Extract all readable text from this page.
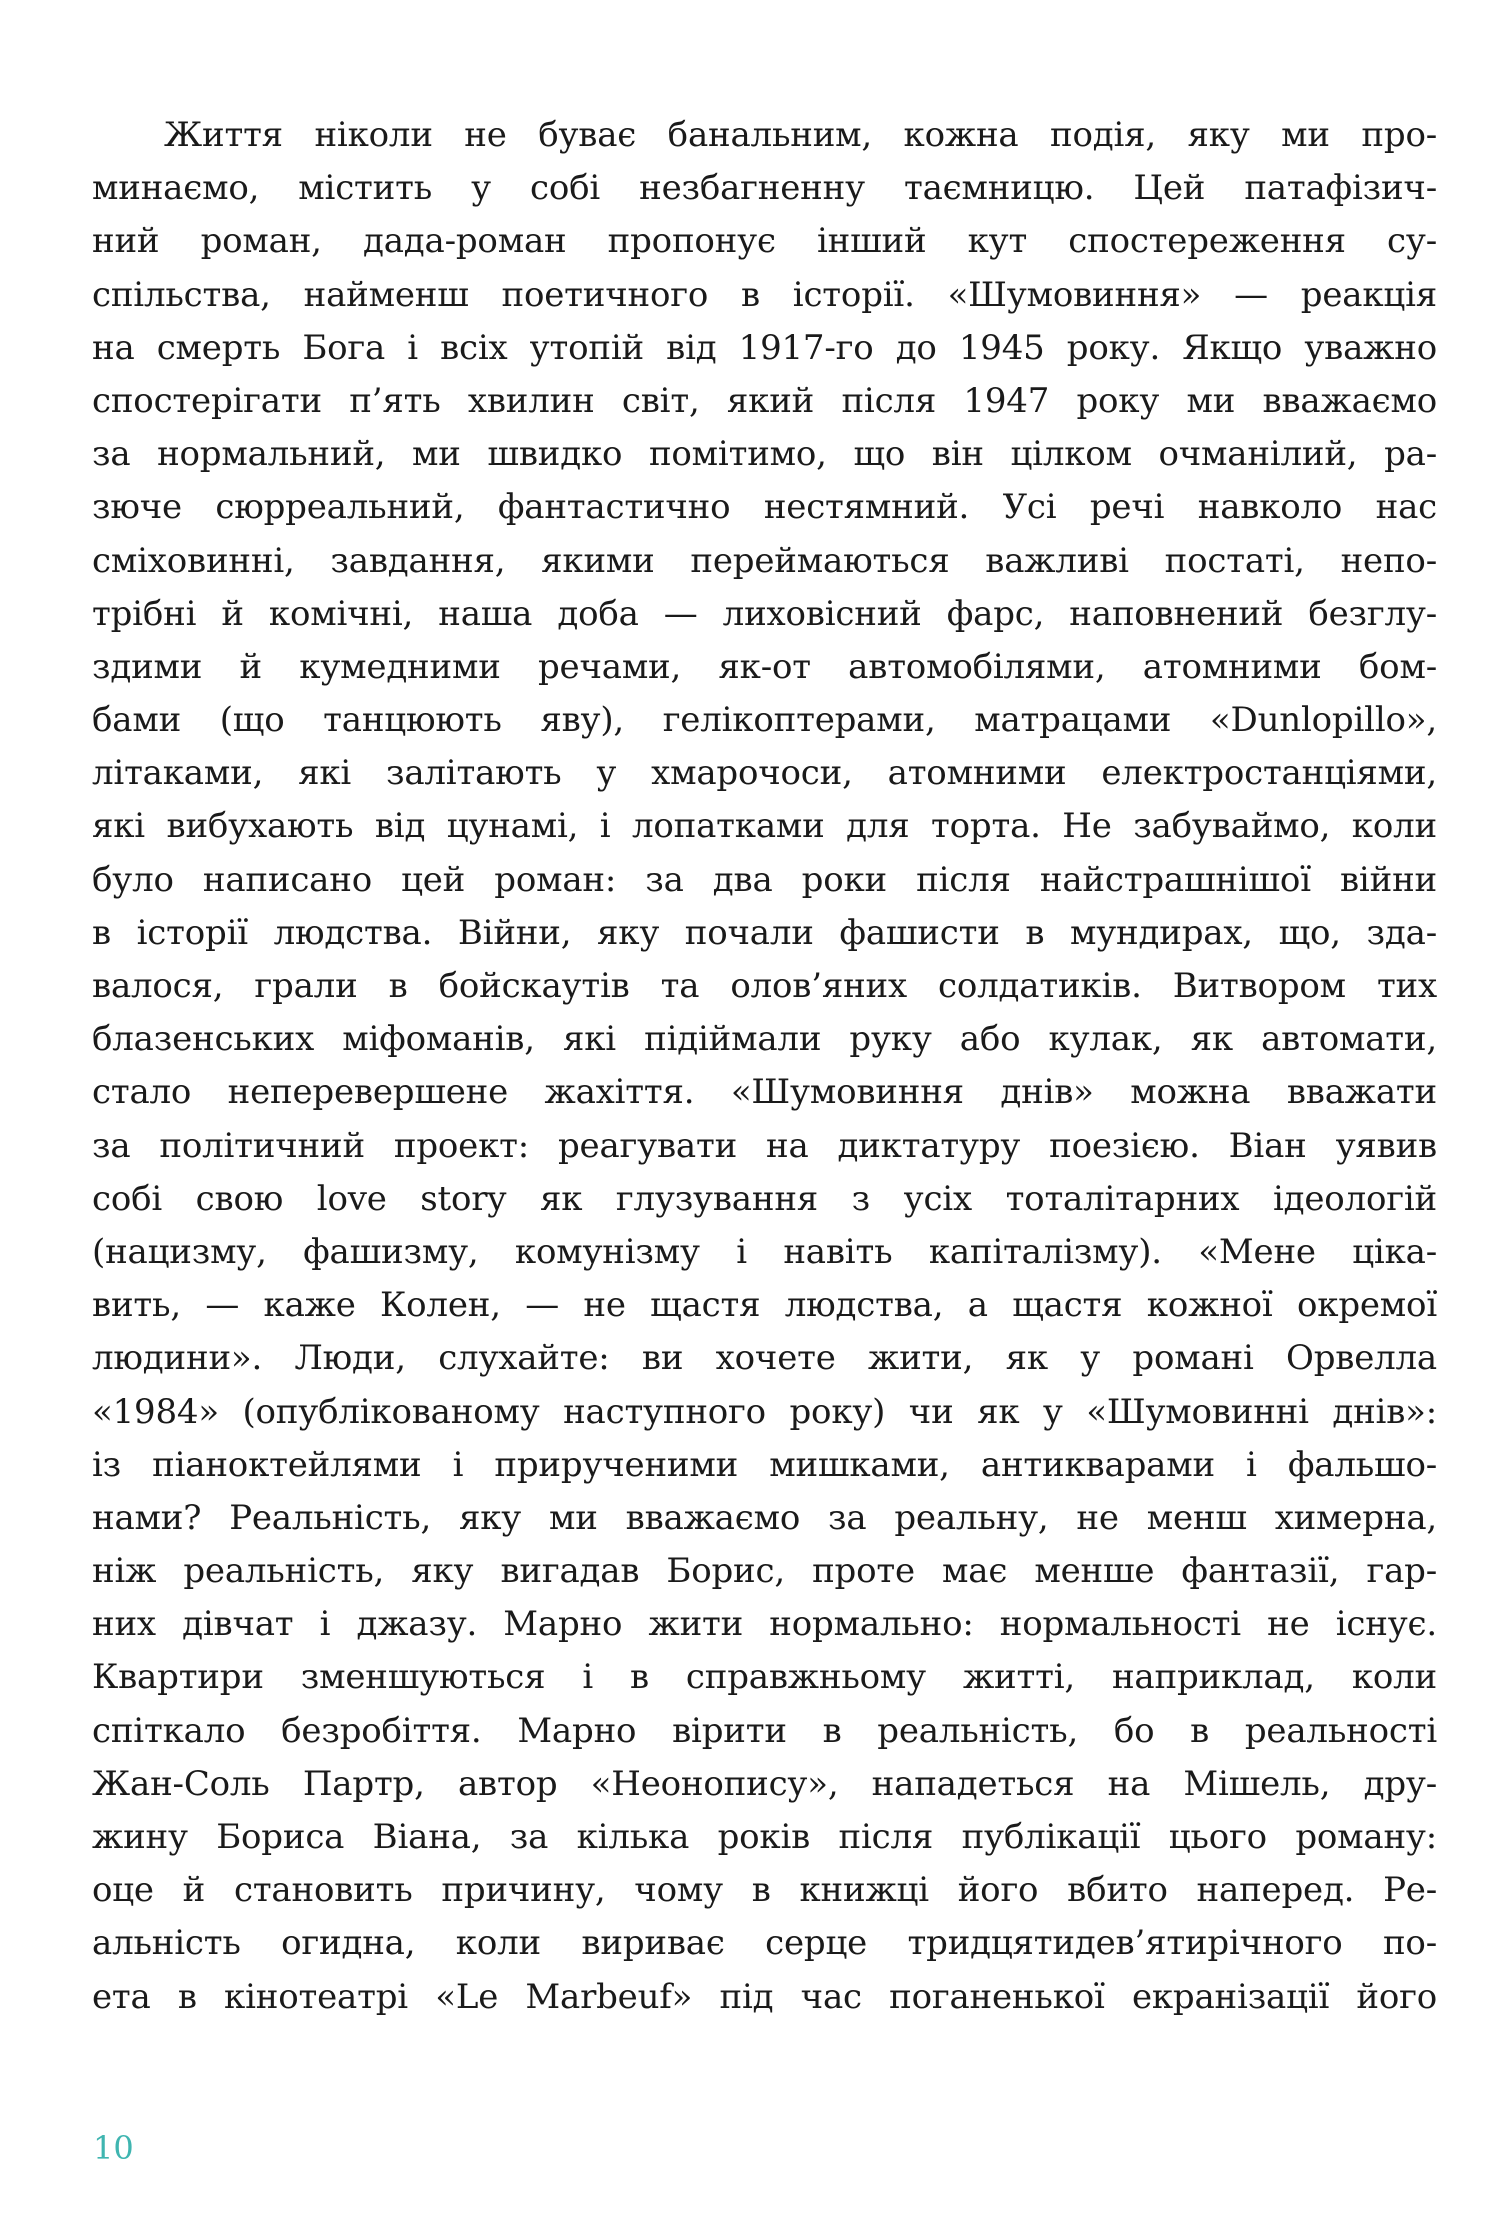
Життя ніколи не буває банальним, кожна подія, яку ми про-
минаємо, містить у собі незбагненну таємницю. Цей патафізич-
ний роман, дада-роман пропонує інший кут спостереження су-
спільства, найменш поетичного в історії. «Шумовиння» — реакція
на смерть Бога і всіх утопій від 1917-го до 1945 року. Якщо уважно
спостерігати п’ять хвилин світ, який після 1947 року ми вважаємо
за нормальний, ми швидко помітимо, що він цілком очманілий, ра-
зюче сюрреальний, фантастично нестямний. Усі речі навколо нас
сміховинні, завдання, якими переймаються важливі постаті, непо-
трібні й комічні, наша доба — лиховісний фарс, наповнений безглу-
здими й кумедними речами, як-от автомобілями, атомними бом-
бами (що танцюють яву), гелікоптерами, матрацами «Dunlopillo»,
літаками, які залітають у хмарочоси, атомними електростанціями,
які вибухають від цунамі, і лопатками для торта. Не забуваймо, коли
було написано цей роман: за два роки після найстрашнішої війни
в історії людства. Війни, яку почали фашисти в мундирах, що, зда-
валося, грали в бойскаутів та олов’яних солдатиків. Витвором тих
блазенських міфоманів, які підіймали руку або кулак, як автомати,
стало неперевершене жахіття. «Шумовиння днів» можна вважати
за політичний проект: реагувати на диктатуру поезією. Віан уявив
собі свою love story як глузування з усіх тоталітарних ідеологій
(нацизму, фашизму, комунізму і навіть капіталізму). «Мене ціка-
вить, — каже Колен, — не щастя людства, а щастя кожної окремої
людини». Люди, слухайте: ви хочете жити, як у романі Орвелла
«1984» (опублікованому наступного року) чи як у «Шумовинні днів»:
із піаноктейлями і прирученими мишками, антикварами і фальшо-
нами? Реальність, яку ми вважаємо за реальну, не менш химерна,
ніж реальність, яку вигадав Борис, проте має менше фантазії, гар-
них дівчат і джазу. Марно жити нормально: нормальності не існує.
Квартири зменшуються і в справжньому житті, наприклад, коли
спіткало безробіття. Марно вірити в реальність, бо в реальності
Жан-Соль Партр, автор «Неонопису», нападеться на Мішель, дру-
жину Бориса Віана, за кілька років після публікації цього роману:
оце й становить причину, чому в книжці його вбито наперед. Ре-
альність огидна, коли вириває серце тридцятидев’ятирічного по-
ета в кінотеатрі «Le Marbeuf» під час поганенької екранізації його
10
